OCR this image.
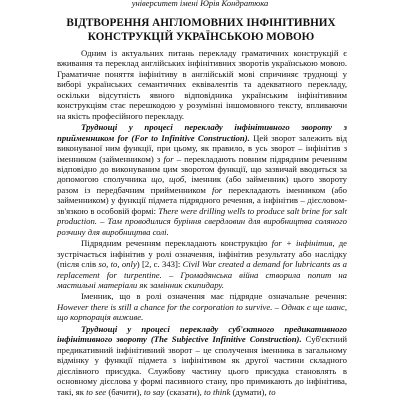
університет імені Юрія Кондратюка
ВІДТВОРЕННЯ АНГЛОМОВНИХ ІНФІНІТИВНИХ КОНСТРУКЦІЙ УКРАЇНСЬКОЮ МОВОЮ

Одним із актуальних питань перекладу граматичних конструкцій є вживання та переклад англійських інфінітивних зворотів українською мовою. Граматичне поняття інфінітиву в англійській мові спричиняє труднощі у виборі українських семантичних еквівалентів та адекватного перекладу, оскільки відсутність явного відповідника українським інфінітивним конструкціям стає перешкодою у розумінні іншомовного тексту, впливаючи на якість професійного перекладу.

Труднощі у процесі перекладу інфінітивного звороту з прийменником for (For to Infinitive Construction). Цей зворот залежить від виконуваної ним функції, при цьому, як правило, в усь зворот – інфінітив з іменником (займенником) з for – перекладають повним підрядним реченням відповідно до виконуваним цим зворотом функції, що зазвичай вводиться за допомогою сполучника що, щоб, іменник (або займенник) цього звороту разом із передбачним прийменником for перекладають іменником (або займенником) у функції підмета підрядного речення, а інфінітив – дієсловом-зв'язкою в особовій формі: There were drilling wells to produce salt brine for salt production. – Там проводилися буріння свердловин для виробництва соляного розчину для виробництва солі.

Підрядним реченням перекладають конструкцію for + інфінітив, де зустрічається інфінітив у ролі означення, інфінітив результату або наслідку (після слів so, to, only) [2, с. 343]: Civil War created a demand for lubricants as a replacement for turpentine. – Громадянська війна створила попит на мастильні матеріали як замінник скипидару.

Іменник, що в ролі означення має підрядне означальне речення: However there is still a chance for the corporation to survive. – Однак є ще шанс, що корпорація виживе.

Труднощі у процесі перекладу суб'єктного предикативного інфінітивного звороту (The Subjective Infinitive Construction). Суб'єктний предикативний інфінітивний зворот – це сполучення іменника в загальному відмінку у функції підмета з інфінітивом як другої частини складного дієслівного присудка. Службову частину цього присудка становлять в основному дієслова у формі пасивного стану, про примикають до інфінітива, такі, як to see (бачити), to say (сказати), to think (думати), to
